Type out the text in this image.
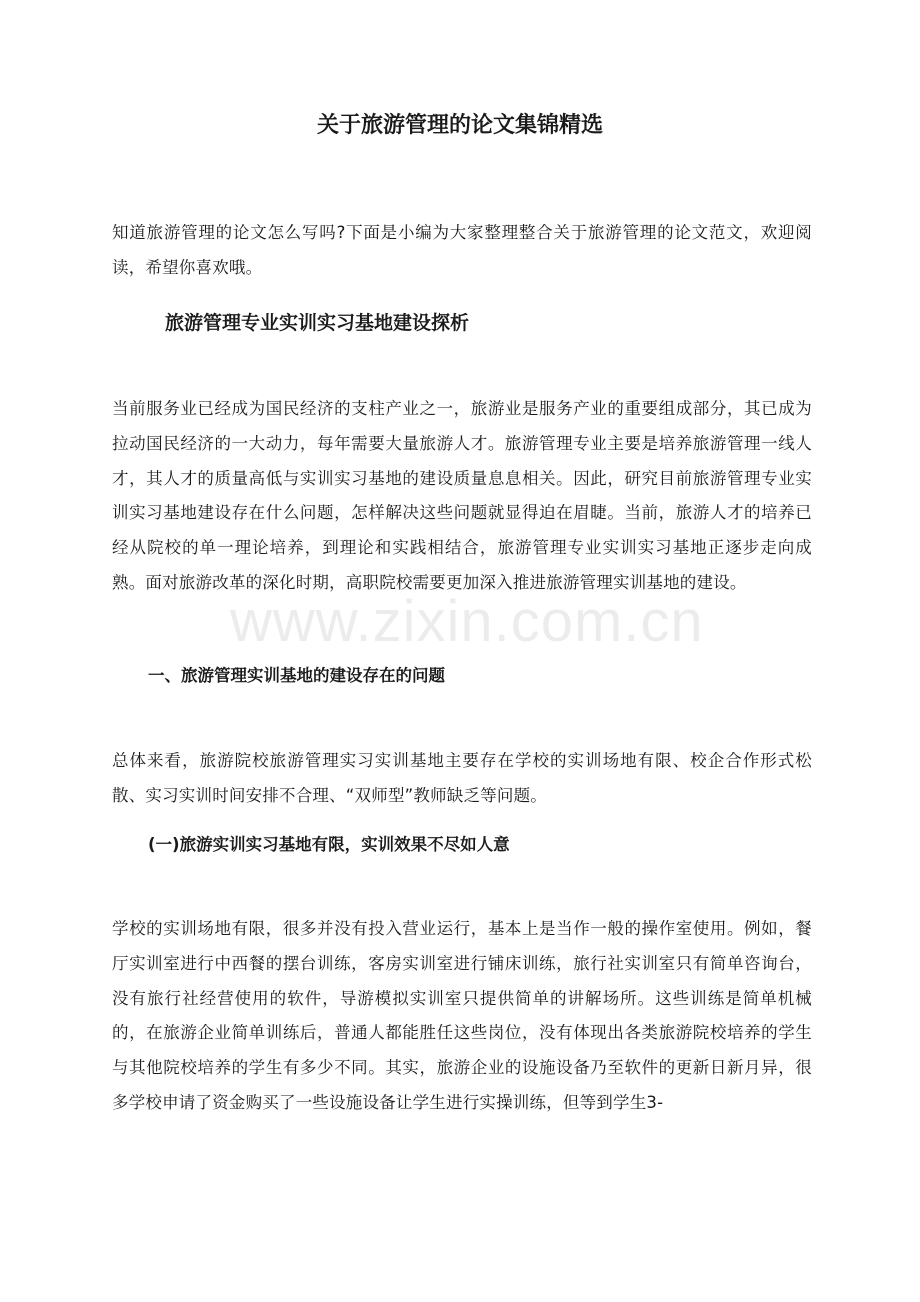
关于旅游管理的论文集锦精选

知道旅游管理的论文怎么写吗?下面是小编为大家整理整合关于旅游管理的论文范文，欢迎阅读，希望你喜欢哦。

旅游管理专业实训实习基地建设探析

当前服务业已经成为国民经济的支柱产业之一，旅游业是服务产业的重要组成部分，其已成为拉动国民经济的一大动力，每年需要大量旅游人才。旅游管理专业主要是培养旅游管理一线人才，其人才的质量高低与实训实习基地的建设质量息息相关。因此，研究目前旅游管理专业实训实习基地建设存在什么问题，怎样解决这些问题就显得迫在眉睫。当前，旅游人才的培养已经从院校的单一理论培养，到理论和实践相结合，旅游管理专业实训实习基地正逐步走向成熟。面对旅游改革的深化时期，高职院校需要更加深入推进旅游管理实训基地的建设。

www.zixin.com.cn
一、旅游管理实训基地的建设存在的问题

总体来看，旅游院校旅游管理实习实训基地主要存在学校的实训场地有限、校企合作形式松散、实习实训时间安排不合理、“双师型”教师缺乏等问题。

(一)旅游实训实习基地有限，实训效果不尽如人意

学校的实训场地有限，很多并没有投入营业运行，基本上是当作一般的操作室使用。例如，餐厅实训室进行中西餐的摆台训练，客房实训室进行铺床训练，旅行社实训室只有简单咨询台，没有旅行社经营使用的软件，导游模拟实训室只提供简单的讲解场所。这些训练是简单机械的，在旅游企业简单训练后，普通人都能胜任这些岗位，没有体现出各类旅游院校培养的学生与其他院校培养的学生有多少不同。其实，旅游企业的设施设备乃至软件的更新日新月异，很多学校申请了资金购买了一些设施设备让学生进行实操训练，但等到学生3-
